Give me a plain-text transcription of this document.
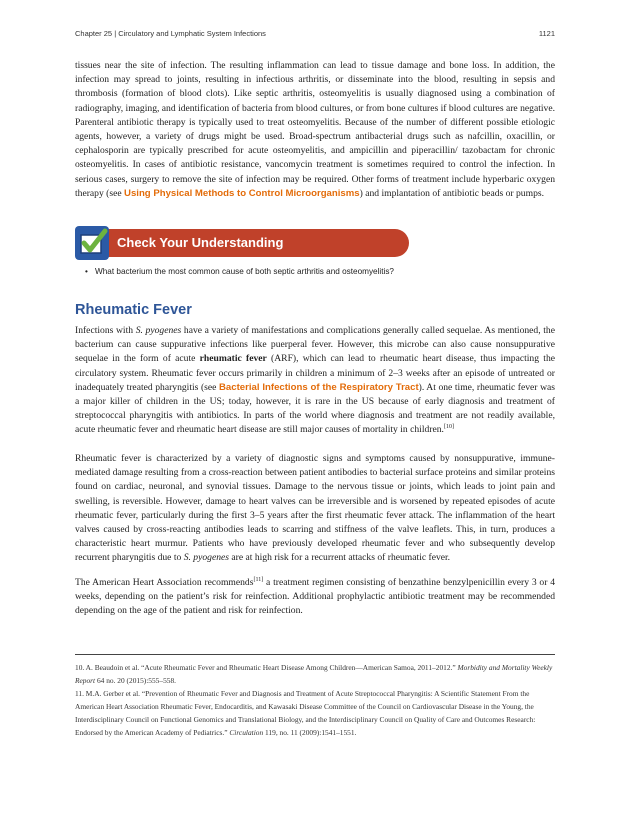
Chapter 25 | Circulatory and Lymphatic System Infections	1121

tissues near the site of infection. The resulting inflammation can lead to tissue damage and bone loss. In addition, the infection may spread to joints, resulting in infectious arthritis, or disseminate into the blood, resulting in sepsis and thrombosis (formation of blood clots). Like septic arthritis, osteomyelitis is usually diagnosed using a combination of radiography, imaging, and identification of bacteria from blood cultures, or from bone cultures if blood cultures are negative. Parenteral antibiotic therapy is typically used to treat osteomyelitis. Because of the number of different possible etiologic agents, however, a variety of drugs might be used. Broad-spectrum antibacterial drugs such as nafcillin, oxacillin, or cephalosporin are typically prescribed for acute osteomyelitis, and ampicillin and piperacillin/ tazobactam for chronic osteomyelitis. In cases of antibiotic resistance, vancomycin treatment is sometimes required to control the infection. In serious cases, surgery to remove the site of infection may be required. Other forms of treatment include hyperbaric oxygen therapy (see Using Physical Methods to Control Microorganisms) and implantation of antibiotic beads or pumps.

Check Your Understanding
• What bacterium the most common cause of both septic arthritis and osteomyelitis?
Rheumatic Fever

Infections with S. pyogenes have a variety of manifestations and complications generally called sequelae. As mentioned, the bacterium can cause suppurative infections like puerperal fever. However, this microbe can also cause nonsuppurative sequelae in the form of acute rheumatic fever (ARF), which can lead to rheumatic heart disease, thus impacting the circulatory system. Rheumatic fever occurs primarily in children a minimum of 2–3 weeks after an episode of untreated or inadequately treated pharyngitis (see Bacterial Infections of the Respiratory Tract). At one time, rheumatic fever was a major killer of children in the US; today, however, it is rare in the US because of early diagnosis and treatment of streptococcal pharyngitis with antibiotics. In parts of the world where diagnosis and treatment are not readily available, acute rheumatic fever and rheumatic heart disease are still major causes of mortality in children.[10]

Rheumatic fever is characterized by a variety of diagnostic signs and symptoms caused by nonsuppurative, immune-mediated damage resulting from a cross-reaction between patient antibodies to bacterial surface proteins and similar proteins found on cardiac, neuronal, and synovial tissues. Damage to the nervous tissue or joints, which leads to joint pain and swelling, is reversible. However, damage to heart valves can be irreversible and is worsened by repeated episodes of acute rheumatic fever, particularly during the first 3–5 years after the first rheumatic fever attack. The inflammation of the heart valves caused by cross-reacting antibodies leads to scarring and stiffness of the valve leaflets. This, in turn, produces a characteristic heart murmur. Patients who have previously developed rheumatic fever and who subsequently develop recurrent pharyngitis due to S. pyogenes are at high risk for a recurrent attacks of rheumatic fever.

The American Heart Association recommends[11] a treatment regimen consisting of benzathine benzylpenicillin every 3 or 4 weeks, depending on the patient’s risk for reinfection. Additional prophylactic antibiotic treatment may be recommended depending on the age of the patient and risk for reinfection.

10. A. Beaudoin et al. “Acute Rheumatic Fever and Rheumatic Heart Disease Among Children—American Samoa, 2011–2012.” Morbidity and Mortality Weekly Report 64 no. 20 (2015):555–558.

11. M.A. Gerber et al. “Prevention of Rheumatic Fever and Diagnosis and Treatment of Acute Streptococcal Pharyngitis: A Scientific Statement From the American Heart Association Rheumatic Fever, Endocarditis, and Kawasaki Disease Committee of the Council on Cardiovascular Disease in the Young, the Interdisciplinary Council on Functional Genomics and Translational Biology, and the Interdisciplinary Council on Quality of Care and Outcomes Research: Endorsed by the American Academy of Pediatrics.” Circulation 119, no. 11 (2009):1541–1551.
